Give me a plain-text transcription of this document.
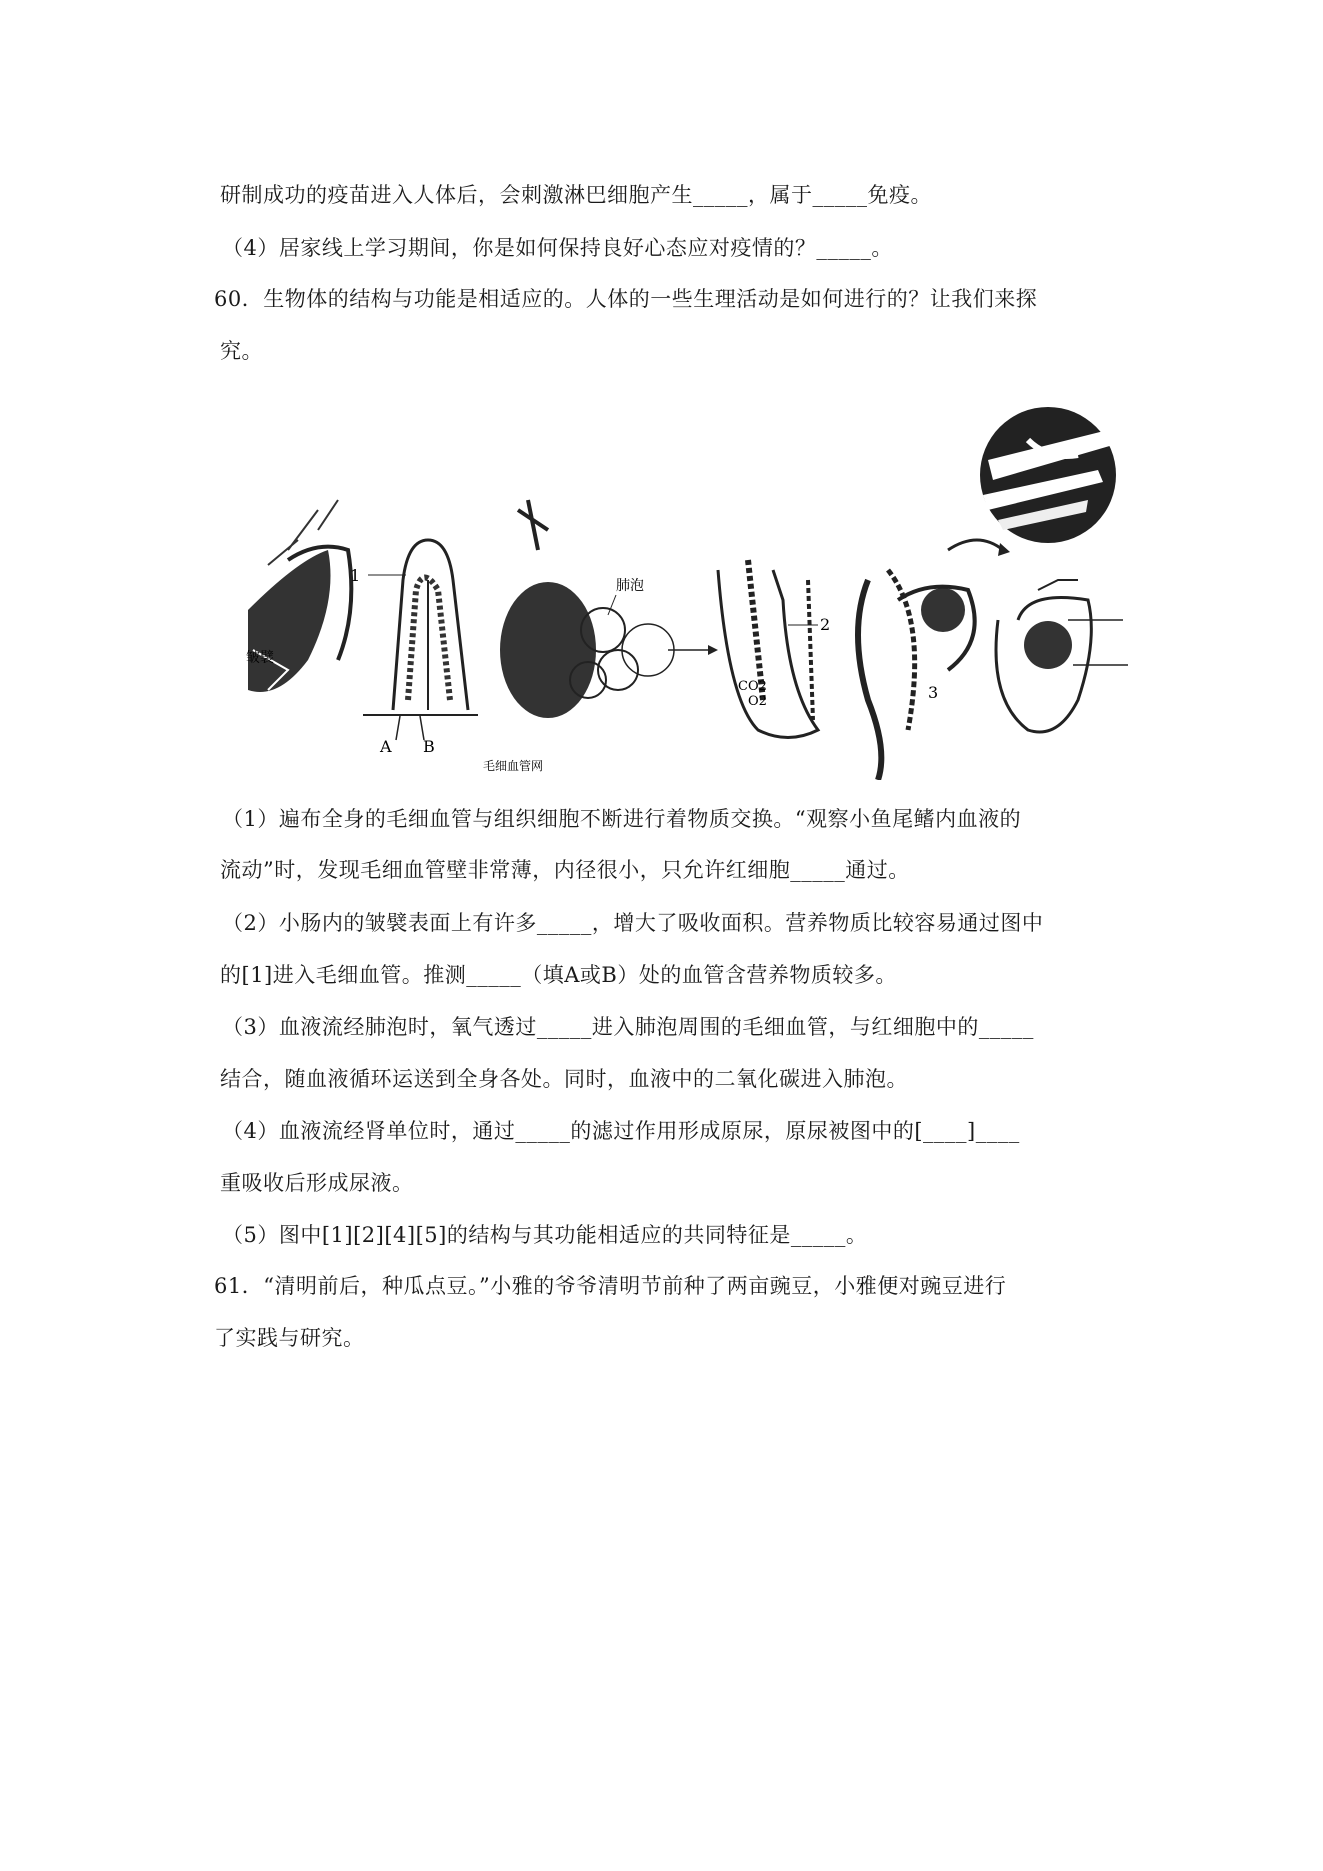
研制成功的疫苗进入人体后，会刺激淋巴细胞产生_____，属于_____免疫。
（4）居家线上学习期间，你是如何保持良好心态应对疫情的？_____。
60．生物体的结构与功能是相适应的。人体的一些生理活动是如何进行的？让我们来探
究。
皱襞
1
A B
肺泡
毛细血管网
2
CO2
O2	3
（1）遍布全身的毛细血管与组织细胞不断进行着物质交换。“观察小鱼尾鳍内血液的
流动”时，发现毛细血管壁非常薄，内径很小，只允许红细胞_____通过。
（2）小肠内的皱襞表面上有许多_____，增大了吸收面积。营养物质比较容易通过图中
的[1]进入毛细血管。推测_____（填A或B）处的血管含营养物质较多。
（3）血液流经肺泡时，氧气透过_____进入肺泡周围的毛细血管，与红细胞中的_____
结合，随血液循环运送到全身各处。同时，血液中的二氧化碳进入肺泡。
（4）血液流经肾单位时，通过_____的滤过作用形成原尿，原尿被图中的[____]____
重吸收后形成尿液。
（5）图中[1][2][4][5]的结构与其功能相适应的共同特征是_____。
61．“清明前后，种瓜点豆。”小雅的爷爷清明节前种了两亩豌豆，小雅便对豌豆进行
了实践与研究。
